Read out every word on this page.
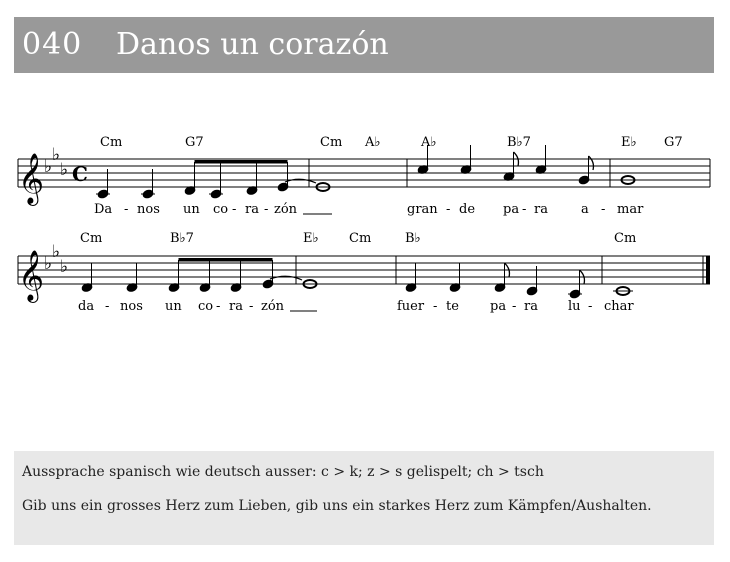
040 Danos un corazón
𝄞 ♭
♭
♭ C
Cm	G7	Cm A♭	A♭	B♭7	E♭ G7
Da - nos un co - ra - zón	gran - de pa - ra	a - mar
𝄞 ♭
♭
♭
Cm	B♭7	E♭ Cm	B♭	Cm
da - nos un co - ra - zón	fuer - te pa - ra lu - char

Aussprache spanisch wie deutsch ausser: c > k; z > s gelispelt; ch > tsch

Gib uns ein grosses Herz zum Lieben, gib uns ein starkes Herz zum Kämpfen/Aushalten.
